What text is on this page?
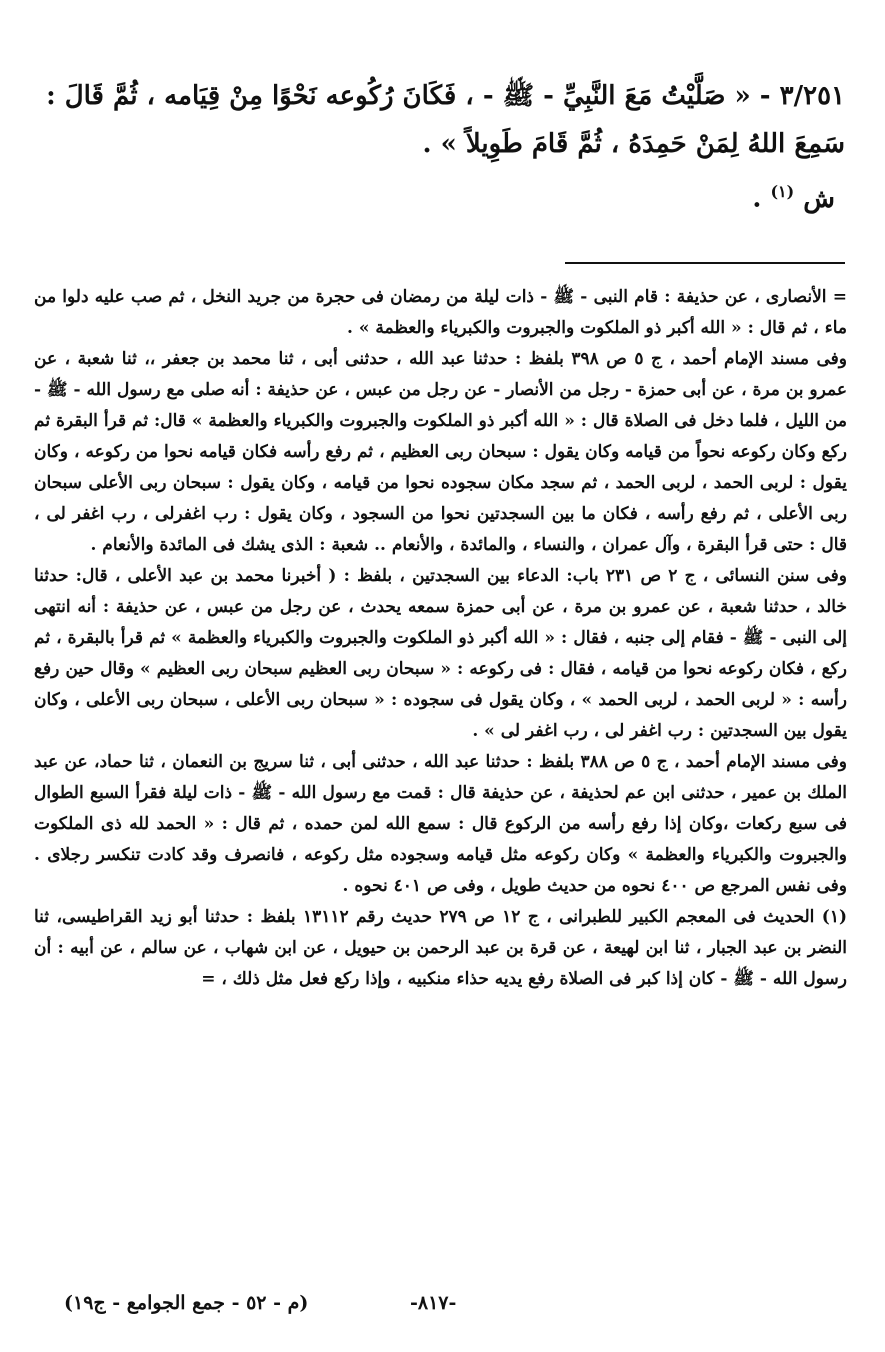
٣/٢٥١ - « صَلَّيْتُ مَعَ النَّبِيِّ - ﷺ - ، فَكَانَ رُكُوعه نَحْوًا مِنْ قِيَامه ، ثُمَّ قَالَ :

سَمِعَ اللهُ لِمَنْ حَمِدَهُ ، ثُمَّ قَامَ طَوِيلاً » .

ش $^{(١)}$ .

= الأنصارى ، عن حذيفة : قام النبى - ﷺ - ذات ليلة من رمضان فى حجرة من جريد النخل ، ثم صب عليه دلوا من ماء ، ثم قال : « الله أكبر ذو الملكوت والجبروت والكبرياء والعظمة » .

وفى مسند الإمام أحمد ، ج ٥ ص ٣٩٨ بلفظ : حدثنا عبد الله ، حدثنى أبى ، ثنا محمد بن جعفر ،، ثنا شعبة ، عن عمرو بن مرة ، عن أبى حمزة - رجل من الأنصار - عن رجل من عبس ، عن حذيفة : أنه صلى مع رسول الله - ﷺ - من الليل ، فلما دخل فى الصلاة قال : « الله أكبر ذو الملكوت والجبروت والكبرياء والعظمة » قال: ثم قرأ البقرة ثم ركع وكان ركوعه نحواً من قيامه وكان يقول : سبحان ربى العظيم ، ثم رفع رأسه فكان قيامه نحوا من ركوعه ، وكان يقول : لربى الحمد ، لربى الحمد ، ثم سجد مكان سجوده نحوا من قيامه ، وكان يقول : سبحان ربى الأعلى سبحان ربى الأعلى ، ثم رفع رأسه ، فكان ما بين السجدتين نحوا من السجود ، وكان يقول : رب اغفرلى ، رب اغفر لى ، قال : حتى قرأ البقرة ، وآل عمران ، والنساء ، والمائدة ، والأنعام .. شعبة : الذى يشك فى المائدة والأنعام .

وفى سنن النسائى ، ج ٢ ص ٢٣١ باب: الدعاء بين السجدتين ، بلفظ : ( أخبرنا محمد بن عبد الأعلى ، قال: حدثنا خالد ، حدثنا شعبة ، عن عمرو بن مرة ، عن أبى حمزة سمعه يحدث ، عن رجل من عبس ، عن حذيفة : أنه انتهى إلى النبى - ﷺ - فقام إلى جنبه ، فقال : « الله أكبر ذو الملكوت والجبروت والكبرياء والعظمة » ثم قرأ بالبقرة ، ثم ركع ، فكان ركوعه نحوا من قيامه ، فقال : فى ركوعه : « سبحان ربى العظيم سبحان ربى العظيم » وقال حين رفع رأسه : « لربى الحمد ، لربى الحمد » ، وكان يقول فى سجوده : « سبحان ربى الأعلى ، سبحان ربى الأعلى ، وكان يقول بين السجدتين : رب اغفر لى ، رب اغفر لى » .

وفى مسند الإمام أحمد ، ج ٥ ص ٣٨٨ بلفظ : حدثنا عبد الله ، حدثنى أبى ، ثنا سريج بن النعمان ، ثنا حماد، عن عبد الملك بن عمير ، حدثنى ابن عم لحذيفة ، عن حذيفة قال : قمت مع رسول الله - ﷺ - ذات ليلة فقرأ السبع الطوال فى سبع ركعات ،وكان إذا رفع رأسه من الركوع قال : سمع الله لمن حمده ، ثم قال : « الحمد لله ذى الملكوت والجبروت والكبرياء والعظمة » وكان ركوعه مثل قيامه وسجوده مثل ركوعه ، فانصرف وقد كادت تنكسر رجلاى . وفى نفس المرجع ص ٤٠٠ نحوه من حديث طويل ، وفى ص ٤٠١ نحوه .

(١) الحديث فى المعجم الكبير للطبرانى ، ج ١٢ ص ٢٧٩ حديث رقم ١٣١١٢ بلفظ : حدثنا أبو زيد القراطيسى، ثنا النضر بن عبد الجبار ، ثنا ابن لهيعة ، عن قرة بن عبد الرحمن بن حيويل ، عن ابن شهاب ، عن سالم ، عن أبيه : أن رسول الله - ﷺ - كان إذا كبر فى الصلاة رفع يديه حذاء منكبيه ، وإذا ركع فعل مثل ذلك ، =

(م - ٥٢ - جمع الجوامع - ج١٩)	-٨١٧-
